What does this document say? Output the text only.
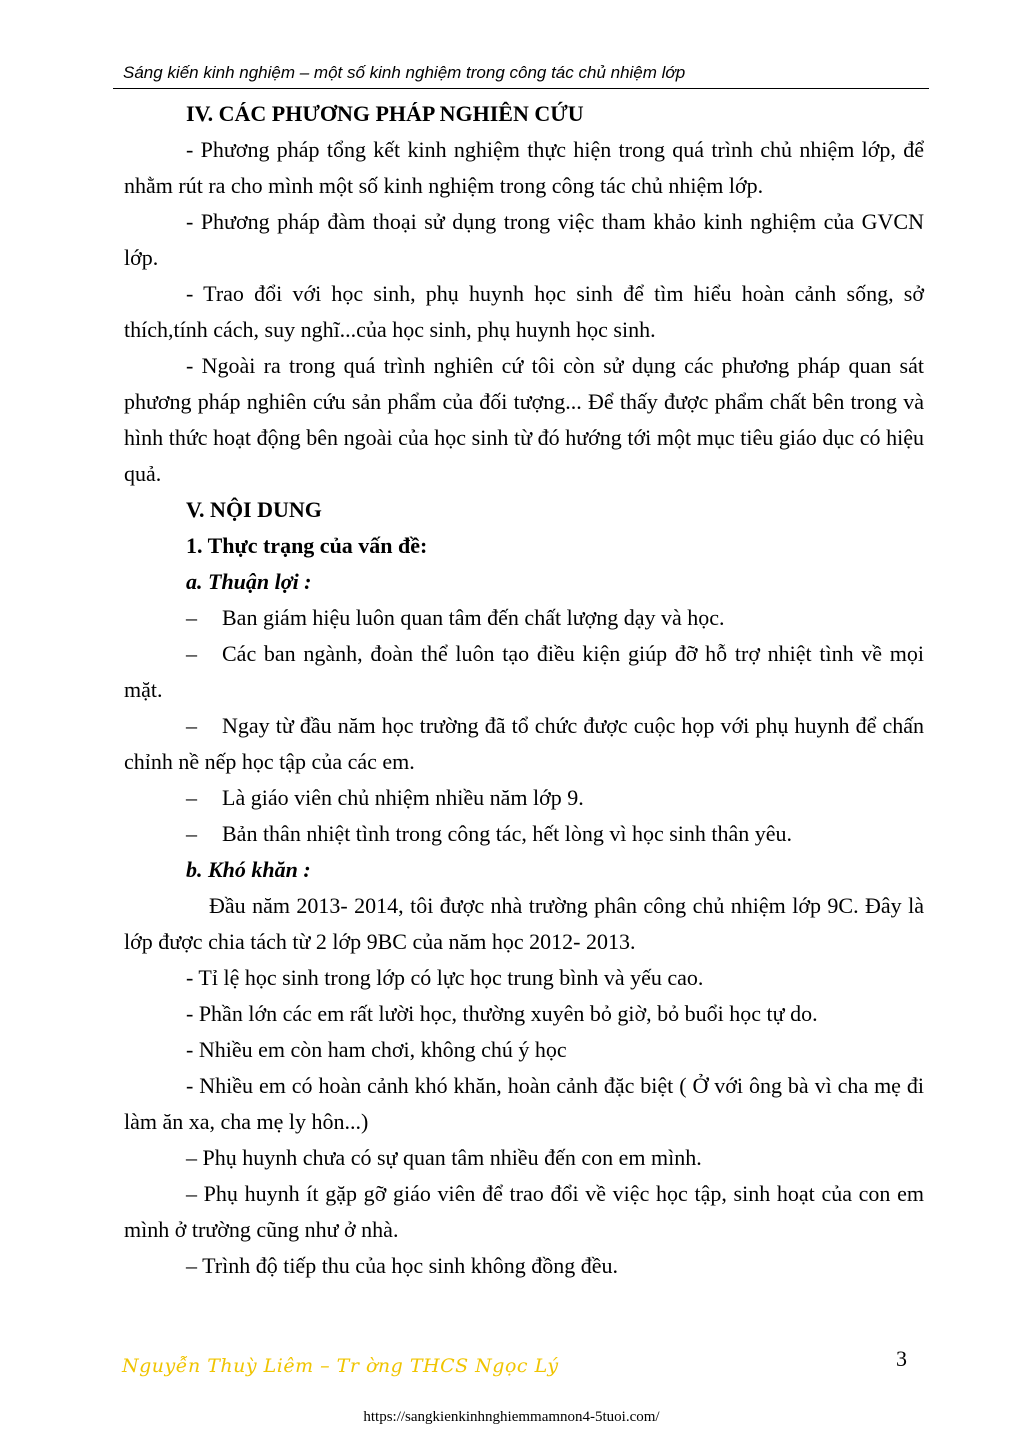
Sáng kiến kinh nghiệm – một số kinh nghiệm trong công tác chủ nhiệm lớp

IV. CÁC PHƯƠNG PHÁP NGHIÊN CỨU

- Phương pháp tổng kết kinh nghiệm thực hiện trong quá trình chủ nhiệm lớp, để nhằm rút ra cho mình một số kinh nghiệm trong công tác chủ nhiệm lớp.

- Phương pháp đàm thoại sử dụng trong việc tham khảo kinh nghiệm của GVCN lớp.

- Trao đổi với học sinh, phụ huynh học sinh để tìm hiểu hoàn cảnh sống, sở thích,tính cách, suy nghĩ...của học sinh, phụ huynh học sinh.

- Ngoài ra trong quá trình nghiên cứ tôi còn sử dụng các phương pháp quan sát phương pháp nghiên cứu sản phẩm của đối tượng... Để thấy được phẩm chất bên trong và hình thức hoạt động bên ngoài của học sinh từ đó hướng tới một mục tiêu giáo dục có hiệu quả.

V. NỘI DUNG

1. Thực trạng của vấn đề:

a. Thuận lợi :

– Ban giám hiệu luôn quan tâm đến chất lượng dạy và học.

– Các ban ngành, đoàn thể luôn tạo điều kiện giúp đỡ hỗ trợ nhiệt tình về mọi mặt.

– Ngay từ đầu năm học trường đã tổ chức được cuộc họp với phụ huynh để chấn chỉnh nề nếp học tập của các em.

– Là giáo viên chủ nhiệm nhiều năm lớp 9.

– Bản thân nhiệt tình trong công tác, hết lòng vì học sinh thân yêu.

b. Khó khăn :

Đầu năm 2013- 2014, tôi được nhà trường phân công chủ nhiệm lớp 9C. Đây là lớp được chia tách từ 2 lớp 9BC của năm học 2012- 2013.

- Tỉ lệ học sinh trong lớp có lực học trung bình và yếu cao.

- Phần lớn các em rất lười học, thường xuyên bỏ giờ, bỏ buổi học tự do.

- Nhiều em còn ham chơi, không chú ý học

- Nhiều em có hoàn cảnh khó khăn, hoàn cảnh đặc biệt ( Ở với ông bà vì cha mẹ đi làm ăn xa, cha mẹ ly hôn...)

– Phụ huynh chưa có sự quan tâm nhiều đến con em mình.

– Phụ huynh ít gặp gỡ giáo viên để trao đổi về việc học tập, sinh hoạt của con em mình ở trường cũng như ở nhà.

– Trình độ tiếp thu của học sinh không đồng đều.

Nguyễn Thuỳ Liêm – Tr ờng THCS Ngọc Lý	3
https://sangkienkinhnghiemmamnon4-5tuoi.com/
